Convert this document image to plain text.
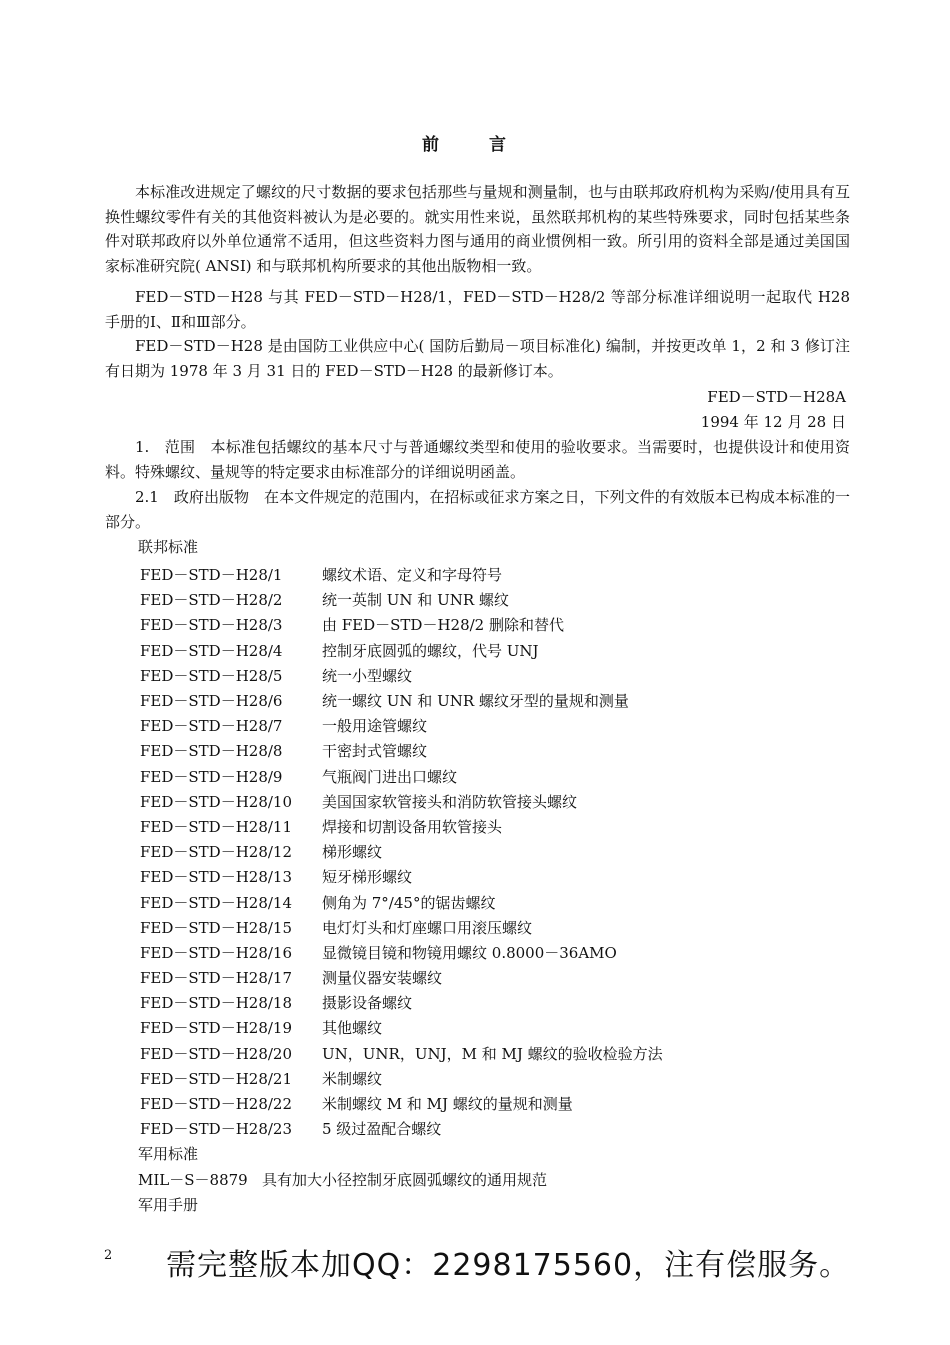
前 言

本标准改进规定了螺纹的尺寸数据的要求包括那些与量规和测量制，也与由联邦政府机构为采购/使用具有互换性螺纹零件有关的其他资料被认为是必要的。就实用性来说，虽然联邦机构的某些特殊要求，同时包括某些条件对联邦政府以外单位通常不适用，但这些资料力图与通用的商业惯例相一致。所引用的资料全部是通过美国国家标准研究院( ANSI) 和与联邦机构所要求的其他出版物相一致。

FED－STD－H28 与其 FED－STD－H28/1，FED－STD－H28/2 等部分标准详细说明一起取代 H28 手册的Ⅰ、Ⅱ和Ⅲ部分。

FED－STD－H28 是由国防工业供应中心( 国防后勤局－项目标准化) 编制，并按更改单 1，2 和 3 修订注有日期为 1978 年 3 月 31 日的 FED－STD－H28 的最新修订本。

FED－STD－H28A
1994 年 12 月 28 日

1.　范围　本标准包括螺纹的基本尺寸与普通螺纹类型和使用的验收要求。当需要时，也提供设计和使用资料。特殊螺纹、量规等的特定要求由标准部分的详细说明函盖。

2.1　政府出版物　在本文件规定的范围内，在招标或征求方案之日，下列文件的有效版本已构成本标准的一部分。

联邦标准
FED－STD－H28/1	螺纹术语、定义和字母符号
FED－STD－H28/2	统一英制 UN 和 UNR 螺纹
FED－STD－H28/3	由 FED－STD－H28/2 删除和替代
FED－STD－H28/4	控制牙底圆弧的螺纹，代号 UNJ
FED－STD－H28/5	统一小型螺纹
FED－STD－H28/6	统一螺纹 UN 和 UNR 螺纹牙型的量规和测量
FED－STD－H28/7	一般用途管螺纹
FED－STD－H28/8	干密封式管螺纹
FED－STD－H28/9	气瓶阀门进出口螺纹
FED－STD－H28/10	美国国家软管接头和消防软管接头螺纹
FED－STD－H28/11	焊接和切割设备用软管接头
FED－STD－H28/12	梯形螺纹
FED－STD－H28/13	短牙梯形螺纹
FED－STD－H28/14	侧角为 7°/45°的锯齿螺纹
FED－STD－H28/15	电灯灯头和灯座螺口用滚压螺纹
FED－STD－H28/16	显微镜目镜和物镜用螺纹 0.8000－36AMO
FED－STD－H28/17	测量仪器安装螺纹
FED－STD－H28/18	摄影设备螺纹
FED－STD－H28/19	其他螺纹
FED－STD－H28/20	UN，UNR，UNJ，M 和 MJ 螺纹的验收检验方法
FED－STD－H28/21	米制螺纹
FED－STD－H28/22	米制螺纹 M 和 MJ 螺纹的量规和测量
FED－STD－H28/23	5 级过盈配合螺纹
军用标准
MIL－S－8879 具有加大小径控制牙底圆弧螺纹的通用规范
军用手册
2 需完整版本加QQ：2298175560，注有偿服务。
